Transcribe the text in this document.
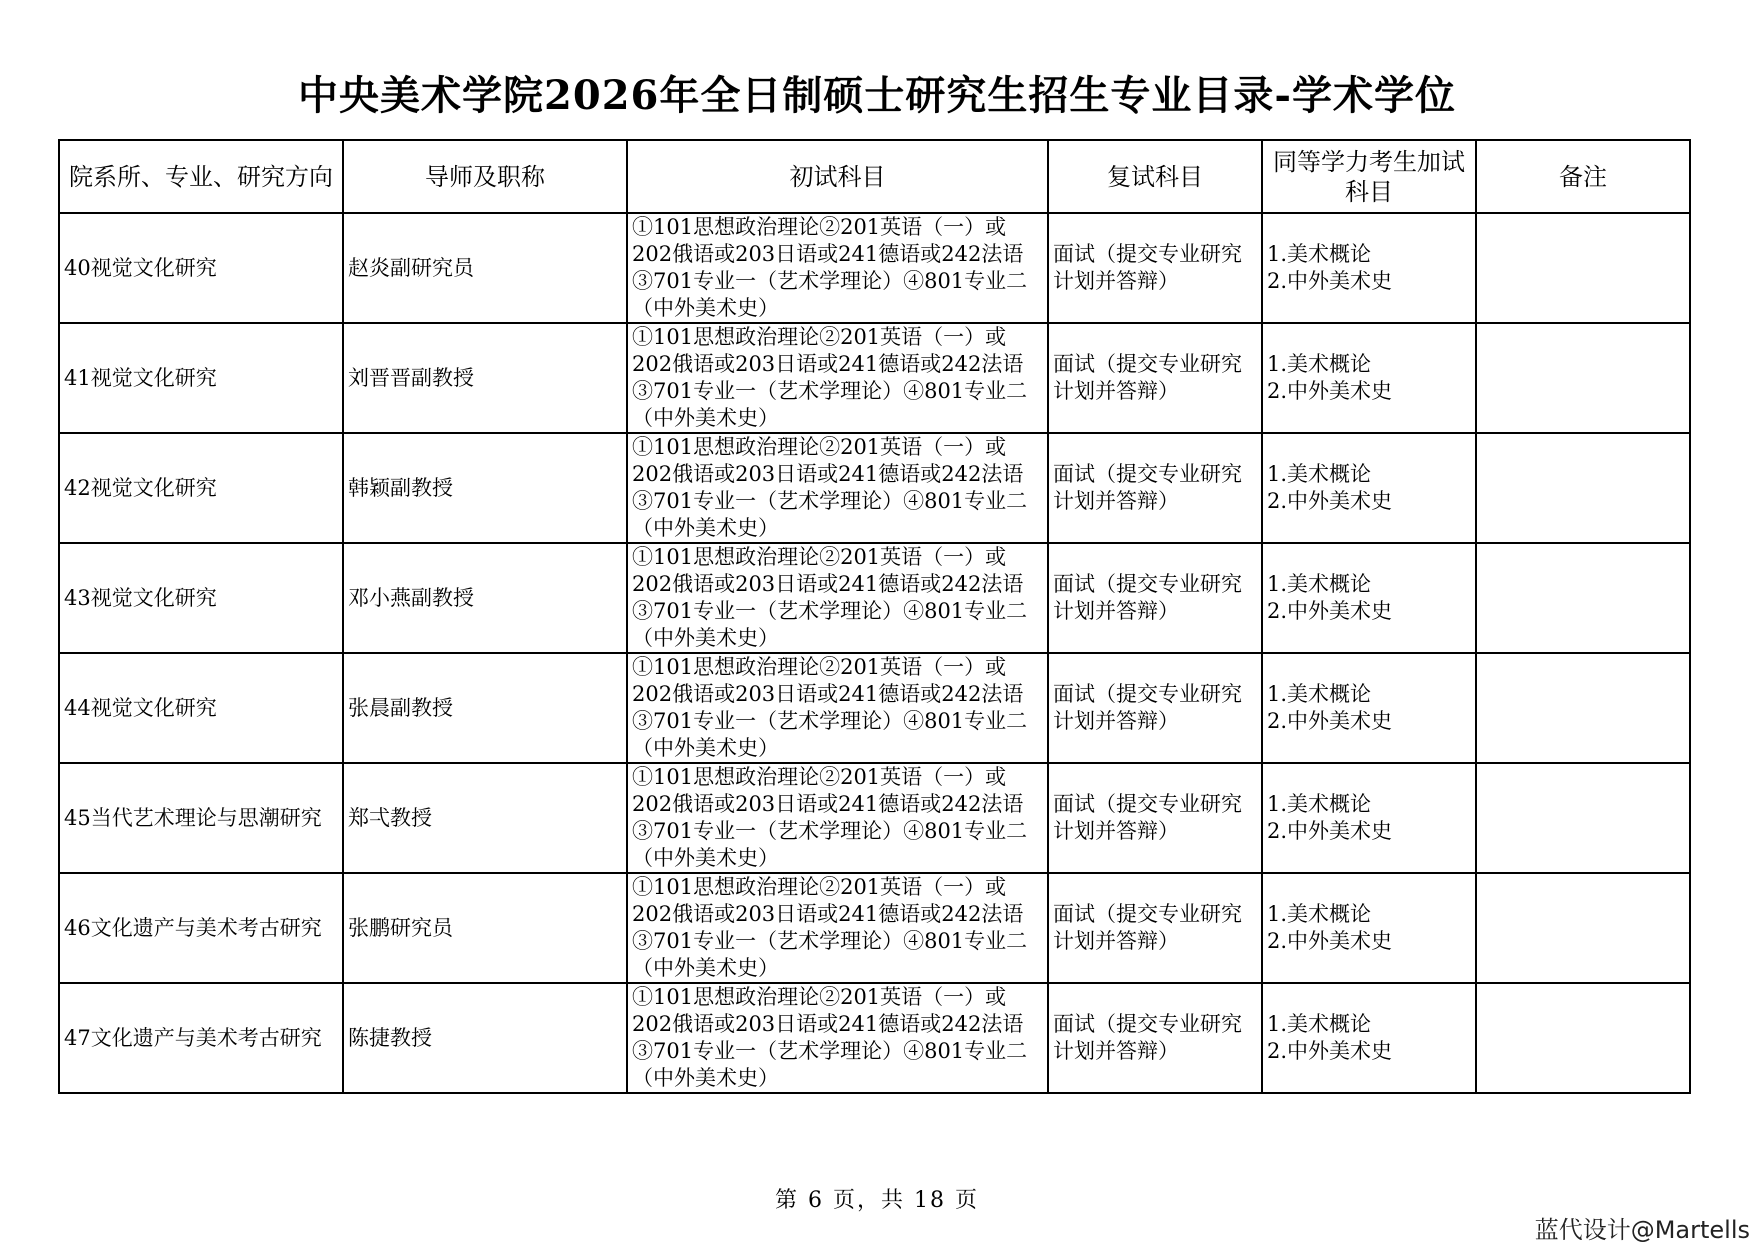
中央美术学院2026年全日制硕士研究生招生专业目录-学术学位
院系所、专业、研究方向	导师及职称	初试科目	复试科目	同等学力考生加试科目	备注
40视觉文化研究	赵炎副研究员	①101思想政治理论②201英语（一）或202俄语或203日语或241德语或242法语③701专业一（艺术学理论）④801专业二（中外美术史）	面试（提交专业研究计划并答辩）	1.美术概论
2.中外美术史	

41视觉文化研究	刘晋晋副教授	①101思想政治理论②201英语（一）或202俄语或203日语或241德语或242法语③701专业一（艺术学理论）④801专业二（中外美术史）	面试（提交专业研究计划并答辩）	1.美术概论
2.中外美术史	

42视觉文化研究	韩颖副教授	①101思想政治理论②201英语（一）或202俄语或203日语或241德语或242法语③701专业一（艺术学理论）④801专业二（中外美术史）	面试（提交专业研究计划并答辩）	1.美术概论
2.中外美术史	

43视觉文化研究	邓小燕副教授	①101思想政治理论②201英语（一）或202俄语或203日语或241德语或242法语③701专业一（艺术学理论）④801专业二（中外美术史）	面试（提交专业研究计划并答辩）	1.美术概论
2.中外美术史	

44视觉文化研究	张晨副教授	①101思想政治理论②201英语（一）或202俄语或203日语或241德语或242法语③701专业一（艺术学理论）④801专业二（中外美术史）	面试（提交专业研究计划并答辩）	1.美术概论
2.中外美术史	

45当代艺术理论与思潮研究	郑弌教授	①101思想政治理论②201英语（一）或202俄语或203日语或241德语或242法语③701专业一（艺术学理论）④801专业二（中外美术史）	面试（提交专业研究计划并答辩）	1.美术概论
2.中外美术史	

46文化遗产与美术考古研究	张鹏研究员	①101思想政治理论②201英语（一）或202俄语或203日语或241德语或242法语③701专业一（艺术学理论）④801专业二（中外美术史）	面试（提交专业研究计划并答辩）	1.美术概论
2.中外美术史	

47文化遗产与美术考古研究	陈捷教授	①101思想政治理论②201英语（一）或202俄语或203日语或241德语或242法语③701专业一（艺术学理论）④801专业二（中外美术史）	面试（提交专业研究计划并答辩）	1.美术概论
2.中外美术史	

第 6 页，共 18 页
蓝代设计@Martells
